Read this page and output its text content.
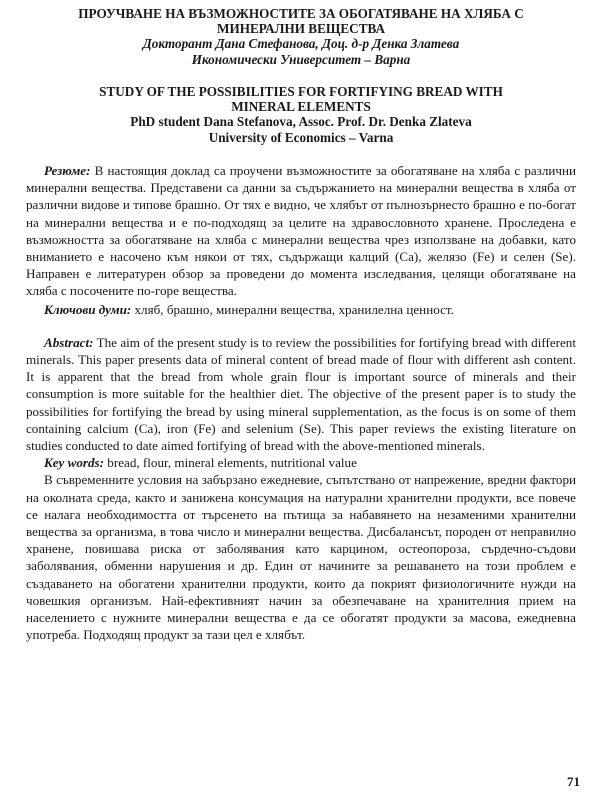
ПРОУЧВАНЕ НА ВЪЗМОЖНОСТИТЕ ЗА ОБОГАТЯВАНЕ НА ХЛЯБА С
МИНЕРАЛНИ ВЕЩЕСТВА
Докторант Дана Стефанова, Доц. д-р Денка Златева
Икономически Университет – Варна
STUDY OF THE POSSIBILITIES FOR FORTIFYING BREAD WITH
MINERAL ELEMENTS
PhD student Dana Stefanova, Assoc. Prof. Dr. Denka Zlateva
University of Economics – Varna

Резюме: В настоящия доклад са проучени възможностите за обогатяване на хляба с различни минерални вещества. Представени са данни за съдържанието на минерални вещества в хляба от различни видове и типове брашно. От тях е видно, че хлябът от пълнозърнесто брашно е по-богат на минерални вещества и е по-подходящ за целите на здравословното хранене. Проследена е възможността за обогатяване на хляба с минерални вещества чрез използване на добавки, като вниманието е насочено към някои от тях, съдържащи калций (Ca), желязо (Fe) и селен (Se). Направен е литературен обзор за проведени до момента изследвания, целящи обогатяване на хляба с посочените по-горе вещества.

Ключови думи: хляб, брашно, минерални вещества, хранилелна ценност.

Abstract: The aim of the present study is to review the possibilities for fortifying bread with different minerals. This paper presents data of mineral content of bread made of flour with different ash content. It is apparent that the bread from whole grain flour is important source of minerals and their consumption is more suitable for the healthier diet. The objective of the present paper is to study the possibilities for fortifying the bread by using mineral supplementation, as the focus is on some of them containing calcium (Ca), iron (Fe) and selenium (Se). This paper reviews the existing literature on studies conducted to date aimed fortifying of bread with the above-mentioned minerals.

Key words: bread, flour, mineral elements, nutritional value

В съвременните условия на забързано ежедневие, съпътствано от напрежение, вредни фактори на околната среда, както и занижена консумация на натурални хранителни продукти, все повече се налага необходимостта от търсенето на пътища за набавянето на незаменими хранителни вещества за организма, в това число и минерални вещества. Дисбалансът, породен от неправилно хранене, повишава риска от заболявания като карцином, остеопороза, сърдечно-съдови заболявания, обменни нарушения и др. Един от начините за решаването на този проблем е създаването на обогатени хранителни продукти, които да покрият физиологичните нужди на човешкия организъм. Най-ефективният начин за обезпечаване на хранителния прием на населението с нужните минерални вещества е да се обогатят продукти за масова, ежедневна употреба. Подходящ продукт за тази цел е хлябът.

71
